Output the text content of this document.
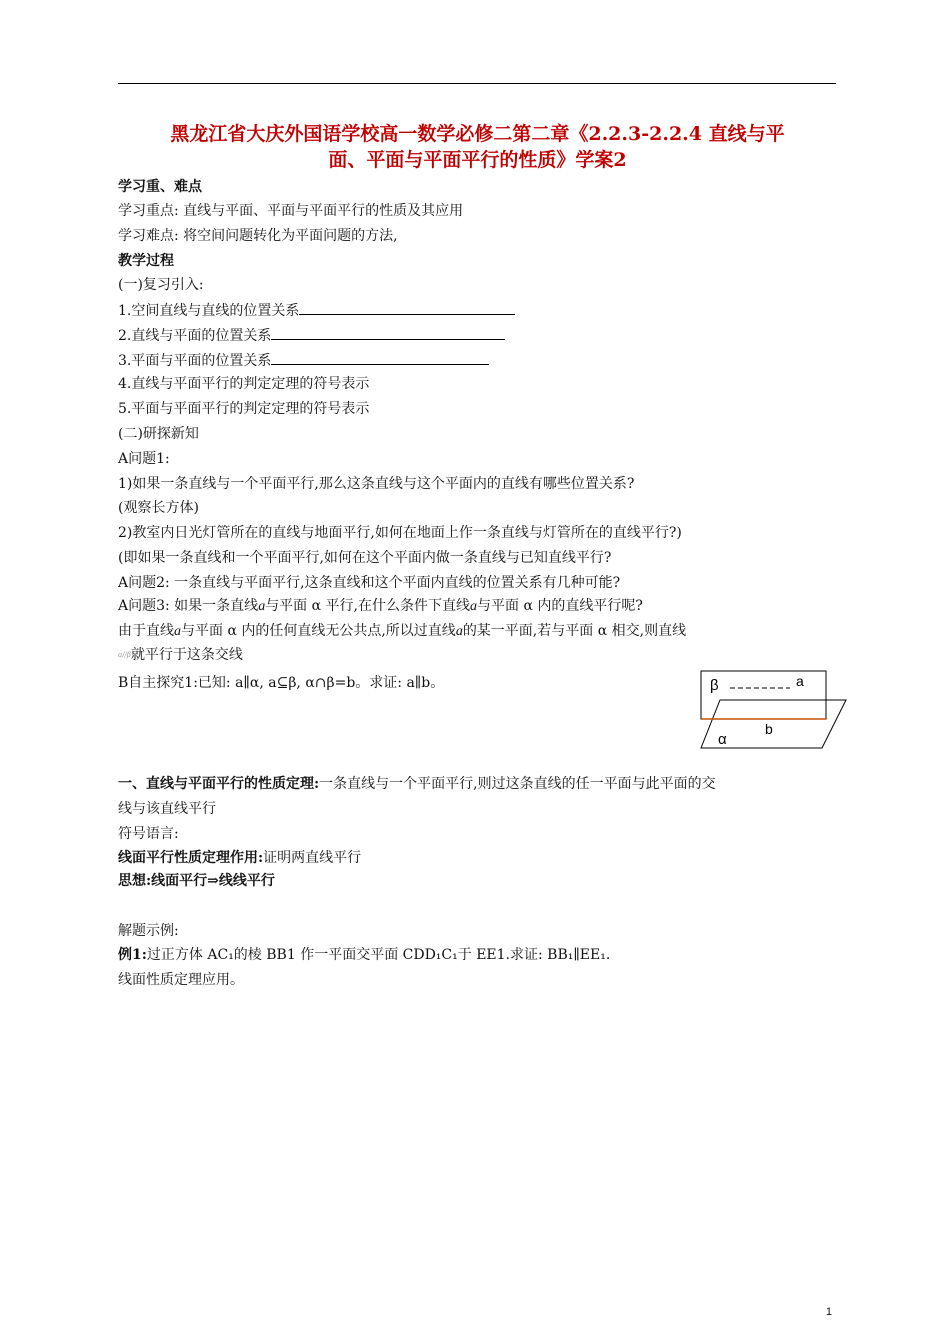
黑龙江省大庆外国语学校高一数学必修二第二章《2.2.3-2.2.4 直线与平
面、平面与平面平行的性质》学案2
学习重、难点
学习重点: 直线与平面、平面与平面平行的性质及其应用
学习难点: 将空间问题转化为平面问题的方法,
教学过程
(一)复习引入:
1.空间直线与直线的位置关系
2.直线与平面的位置关系
3.平面与平面的位置关系
4.直线与平面平行的判定定理的符号表示
5.平面与平面平行的判定定理的符号表示
(二)研探新知
A问题1:
1)如果一条直线与一个平面平行,那么这条直线与这个平面内的直线有哪些位置关系?
(观察长方体)
2)教室内日光灯管所在的直线与地面平行,如何在地面上作一条直线与灯管所在的直线平行?)
(即如果一条直线和一个平面平行,如何在这个平面内做一条直线与已知直线平行?
A问题2: 一条直线与平面平行,这条直线和这个平面内直线的位置关系有几种可能?
A问题3: 如果一条直线a与平面 α 平行,在什么条件下直线a与平面 α 内的直线平行呢?
由于直线a与平面 α 内的任何直线无公共点,所以过直线a的某一平面,若与平面 α 相交,则直线
a//β就平行于这条交线
B自主探究1:已知: a∥α, a⊆β, α∩β=b。求证: a∥b。	β	a
b
α
一、直线与平面平行的性质定理:一条直线与一个平面平行,则过这条直线的任一平面与此平面的交
线与该直线平行
符号语言:
线面平行性质定理作用:证明两直线平行
思想:线面平行⇒线线平行
解题示例:
例1:过正方体 AC₁的棱 BB1 作一平面交平面 CDD₁C₁于 EE1.求证: BB₁∥EE₁.
线面性质定理应用。
1
